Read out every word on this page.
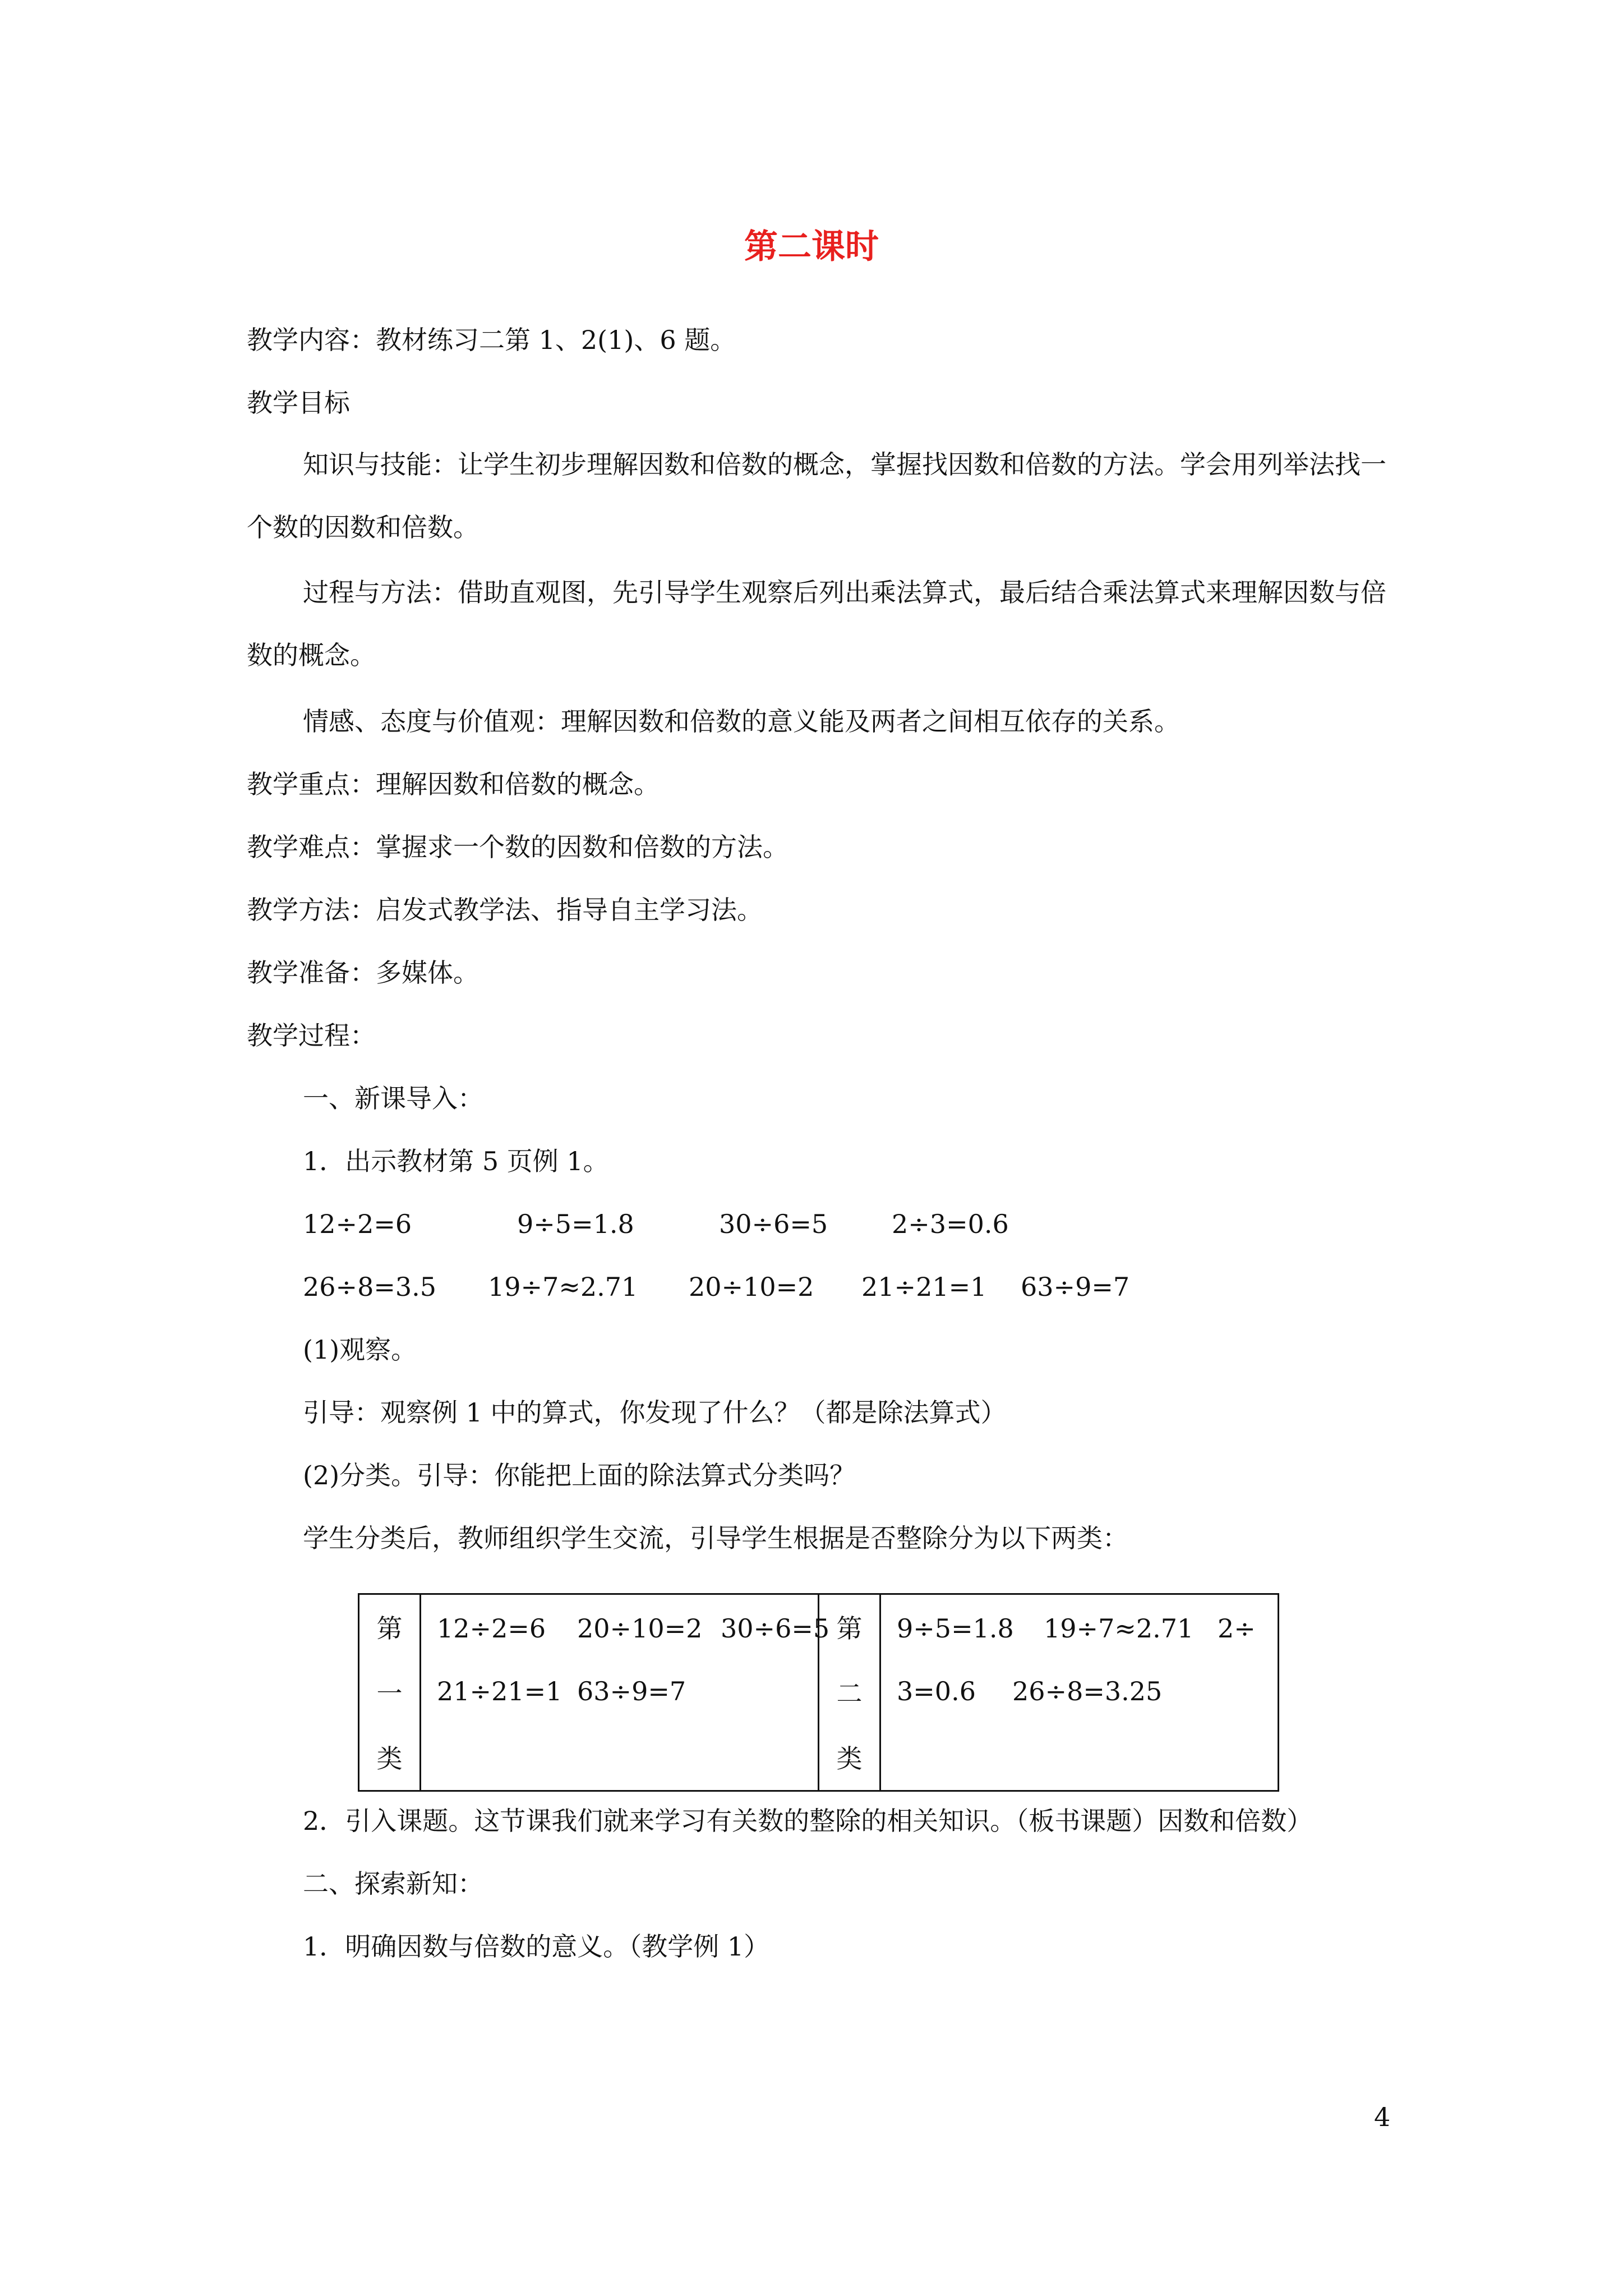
第二课时
教学内容：教材练习二第 1、2(1)、6 题。
教学目标
知识与技能：让学生初步理解因数和倍数的概念，掌握找因数和倍数的方法。学会用列举法找一个数的因数和倍数。
过程与方法：借助直观图，先引导学生观察后列出乘法算式，最后结合乘法算式来理解因数与倍数的概念。
情感、态度与价值观：理解因数和倍数的意义能及两者之间相互依存的关系。
教学重点：理解因数和倍数的概念。
教学难点：掌握求一个数的因数和倍数的方法。
教学方法：启发式教学法、指导自主学习法。
教学准备：多媒体。
教学过程：
一、新课导入：
1．出示教材第 5 页例 1。
12÷2=6	9÷5=1.8	30÷6=5 2÷3=0.6
26÷8=3.5 19÷7≈2.71 20÷10=2 21÷21=1 63÷9=7
(1)观察。
引导：观察例 1 中的算式，你发现了什么？（都是除法算式）
(2)分类。引导：你能把上面的除法算式分类吗？
学生分类后，教师组织学生交流，引导学生根据是否整除分为以下两类：
第
一
类

12÷2=6 20÷10=2 30÷6=5
21÷21=1 63÷9=7

第
二
类

9÷5=1.8 19÷7≈2.71 2÷
3=0.6 26÷8=3.25
2．引入课题。这节课我们就来学习有关数的整除的相关知识。（板书课题）因数和倍数）
二、探索新知：
1．明确因数与倍数的意义。（教学例 1）
4
